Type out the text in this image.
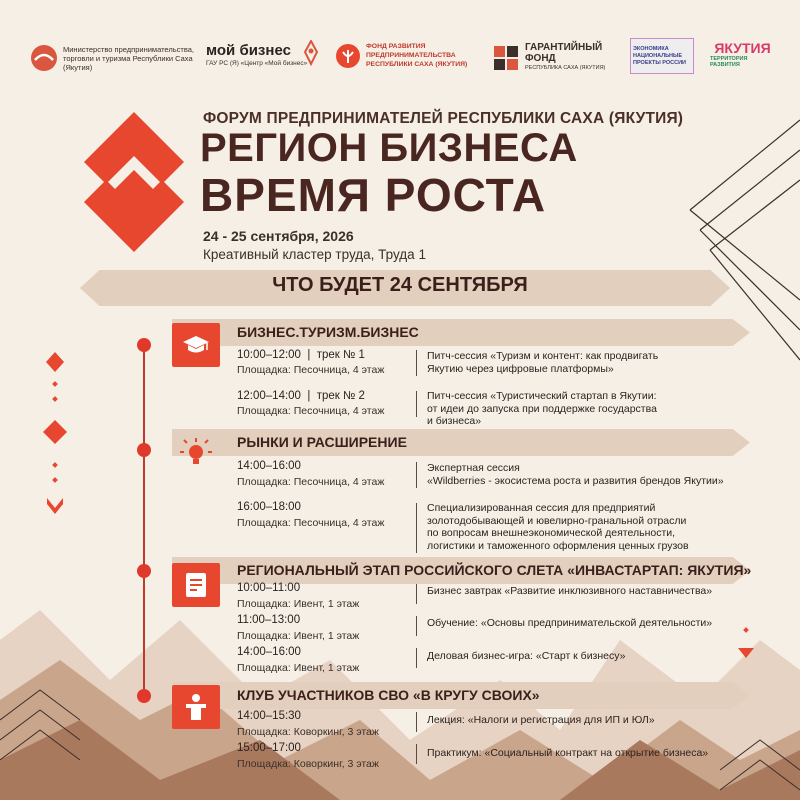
Министерство предпринимательства, торговли и туризма Республики Саха (Якутия)
мой бизнес
ГАУ РС (Я) «Центр «Мой бизнес»
ФОНД РАЗВИТИЯ ПРЕДПРИНИМАТЕЛЬСТВА РЕСПУБЛИКИ САХА (ЯКУТИЯ)
ГАРАНТИЙНЫЙ ФОНД
РЕСПУБЛИКА САХА (ЯКУТИЯ)
ЭКОНОМИКА НАЦИОНАЛЬНЫЕ ПРОЕКТЫ РОССИИ
ЯКУТИЯ
ТЕРРИТОРИЯ РАЗВИТИЯ
ФОРУМ ПРЕДПРИНИМАТЕЛЕЙ РЕСПУБЛИКИ САХА (ЯКУТИЯ)
РЕГИОН БИЗНЕСА
ВРЕМЯ РОСТА
24 - 25 сентября, 2026
Креативный кластер труда, Труда 1
ЧТО БУДЕТ 24 СЕНТЯБРЯ
БИЗНЕС.ТУРИЗМ.БИЗНЕС
10:00–12:00  |  трек № 1
Площадка: Песочница, 4 этаж
Питч-сессия «Туризм и контент: как продвигать
Якутию через цифровые платформы»
12:00–14:00  |  трек № 2
Площадка: Песочница, 4 этаж
Питч-сессия «Туристический стартап в Якутии:
от идеи до запуска при поддержке государства
и бизнеса»
РЫНКИ И РАСШИРЕНИЕ
14:00–16:00
Площадка: Песочница, 4 этаж
Экспертная сессия
«Wildberries - экосистема роста и развития брендов Якутии»
16:00–18:00
Площадка: Песочница, 4 этаж
Специализированная сессия для предприятий
золотодобывающей и ювелирно-гранальной отрасли
по вопросам внешнеэкономической деятельности,
логистики и таможенного оформления ценных грузов
РЕГИОНАЛЬНЫЙ ЭТАП РОССИЙСКОГО СЛЕТА «ИНВАСТАРТАП: ЯКУТИЯ»
10:00–11:00
Площадка: Ивент, 1 этаж
Бизнес завтрак «Развитие инклюзивного наставничества»
11:00–13:00
Площадка: Ивент, 1 этаж
Обучение: «Основы предпринимательской деятельности»
14:00–16:00
Площадка: Ивент, 1 этаж
Деловая бизнес-игра: «Старт к бизнесу»
КЛУБ УЧАСТНИКОВ СВО «В КРУГУ СВОИХ»
14:00–15:30
Площадка: Коворкинг, 3 этаж
Лекция: «Налоги и регистрация для ИП и ЮЛ»
15:00–17:00
Площадка: Коворкинг, 3 этаж
Практикум: «Социальный контракт на открытие бизнеса»
